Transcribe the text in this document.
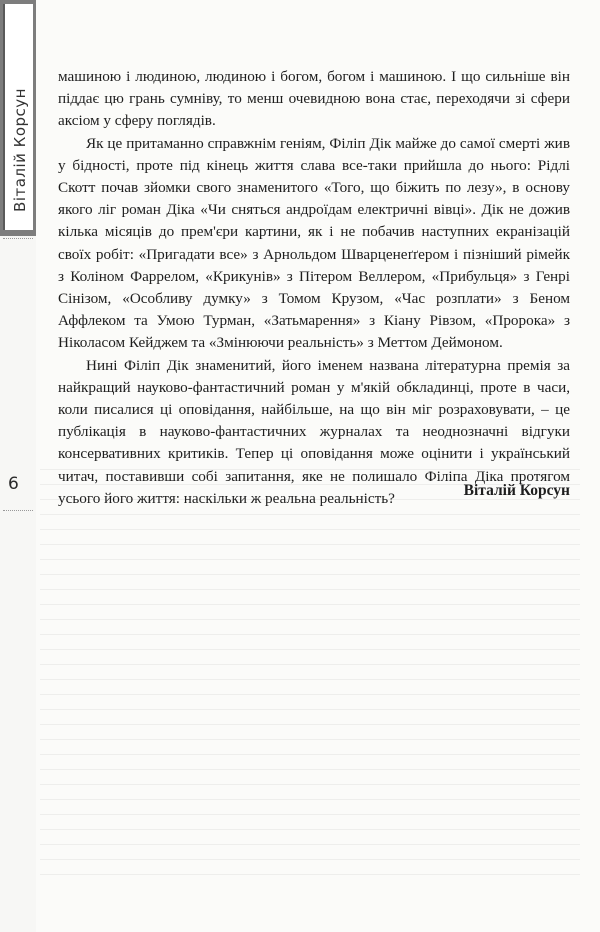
Віталій Корсун
6

машиною і людиною, людиною і богом, богом і машиною. І що сильніше він піддає цю грань сумніву, то менш очевидною вона стає, переходячи зі сфери аксіом у сферу поглядів.

Як це притаманно справжнім геніям, Філіп Дік майже до самої смерті жив у бідності, проте під кінець життя слава все-таки прийшла до нього: Рідлі Скотт почав зйомки свого знаменитого «Того, що біжить по лезу», в основу якого ліг роман Діка «Чи сняться андроїдам електричні вівці». Дік не дожив кілька місяців до прем'єри картини, як і не побачив наступних екранізацій своїх робіт: «Пригадати все» з Арнольдом Шварценеґґером і пізніший рімейк з Коліном Фаррелом, «Крикунів» з Пітером Веллером, «Прибульця» з Генрі Сінізом, «Особливу думку» з Томом Крузом, «Час розплати» з Беном Аффлеком та Умою Турман, «Затьмарення» з Кіану Рівзом, «Пророка» з Ніколасом Кейджем та «Змінюючи реальність» з Меттом Деймоном.

Нині Філіп Дік знаменитий, його іменем названа літературна премія за найкращий науково-фантастичний роман у м'якій обкладинці, проте в часи, коли писалися ці оповідання, найбільше, на що він міг розраховувати, – це публікація в науково-фантастичних журналах та неоднозначні відгуки консервативних критиків. Тепер ці оповідання може оцінити і український читач, поставивши собі запитання, яке не полишало Філіпа Діка протягом усього його життя: наскільки ж реальна реальність?	Віталій Корсун
